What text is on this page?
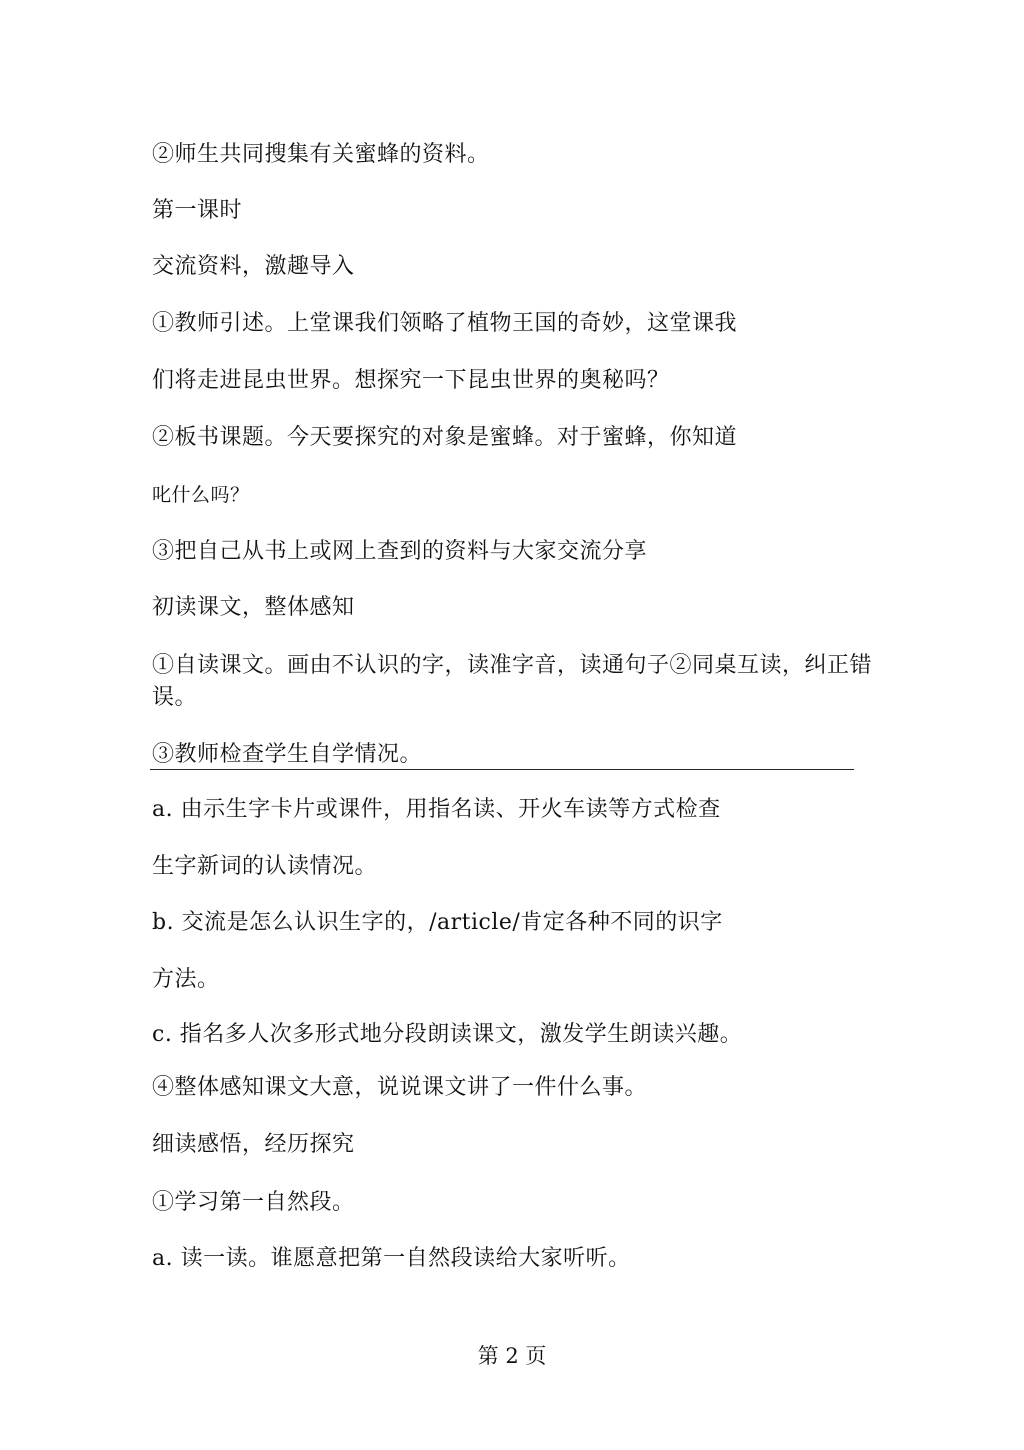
②师生共同搜集有关蜜蜂的资料。
第一课时
交流资料，激趣导入
①教师引述。上堂课我们领略了植物王国的奇妙，这堂课我
们将走进昆虫世界。想探究一下昆虫世界的奥秘吗？
②板书课题。今天要探究的对象是蜜蜂。对于蜜蜂，你知道
叱什么吗？
③把自己从书上或网上查到的资料与大家交流分享
初读课文，整体感知
①自读课文。画由不认识的字，读准字音，读通句子②同桌互读，纠正错误。
③教师检查学生自学情况。
a. 由示生字卡片或课件，用指名读、开火车读等方式检查
生字新词的认读情况。
b. 交流是怎么认识生字的，/article/肯定各种不同的识字
方法。
c. 指名多人次多形式地分段朗读课文，激发学生朗读兴趣。
④整体感知课文大意，说说课文讲了一件什么事。
细读感悟，经历探究
①学习第一自然段。
a. 读一读。谁愿意把第一自然段读给大家听听。
第 2 页
